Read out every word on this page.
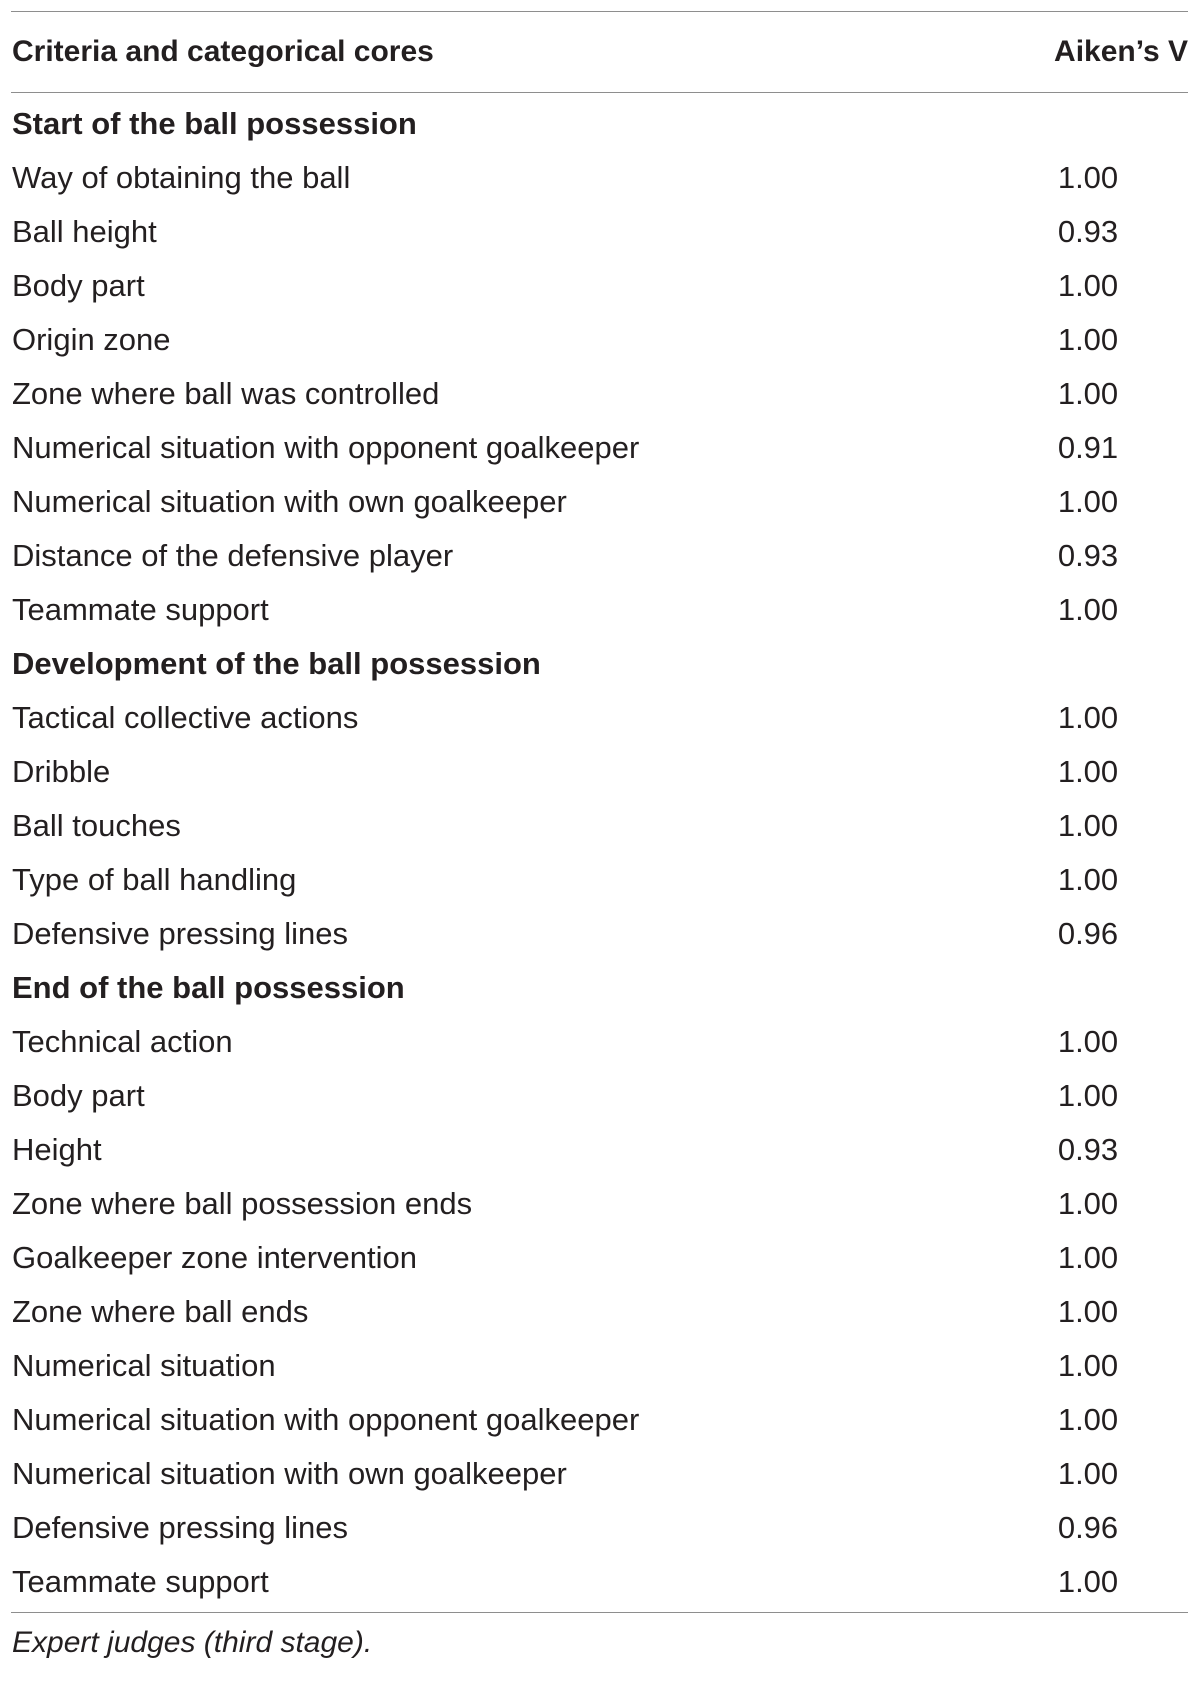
Criteria and categorical cores	Aiken’s V
Start of the ball possession
Way of obtaining the ball	1.00
Ball height	0.93
Body part	1.00
Origin zone	1.00
Zone where ball was controlled	1.00
Numerical situation with opponent goalkeeper	0.91
Numerical situation with own goalkeeper	1.00
Distance of the defensive player	0.93
Teammate support	1.00
Development of the ball possession
Tactical collective actions	1.00
Dribble	1.00
Ball touches	1.00
Type of ball handling	1.00
Defensive pressing lines	0.96
End of the ball possession
Technical action	1.00
Body part	1.00
Height	0.93
Zone where ball possession ends	1.00
Goalkeeper zone intervention	1.00
Zone where ball ends	1.00
Numerical situation	1.00
Numerical situation with opponent goalkeeper	1.00
Numerical situation with own goalkeeper	1.00
Defensive pressing lines	0.96
Teammate support	1.00
Expert judges (third stage).
